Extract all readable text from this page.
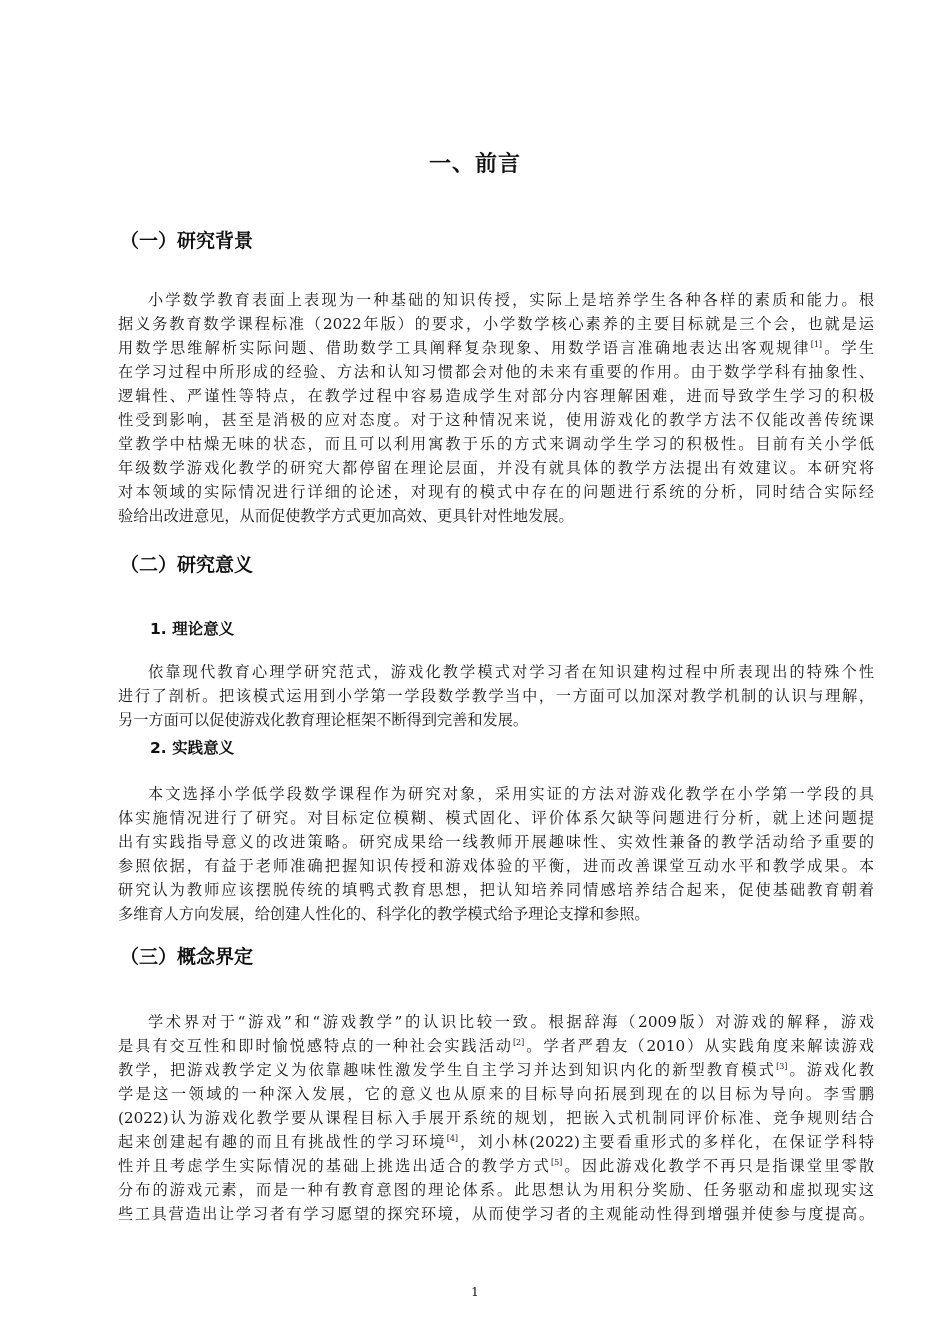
一、前言
（一）研究背景
小学数学教育表面上表现为一种基础的知识传授，实际上是培养学生各种各样的素质和能力。根
据义务教育数学课程标准（2022年版）的要求，小学数学核心素养的主要目标就是三个会，也就是运
用数学思维解析实际问题、借助数学工具阐释复杂现象、用数学语言准确地表达出客观规律[1]。学生
在学习过程中所形成的经验、方法和认知习惯都会对他的未来有重要的作用。由于数学学科有抽象性、
逻辑性、严谨性等特点，在教学过程中容易造成学生对部分内容理解困难，进而导致学生学习的积极
性受到影响，甚至是消极的应对态度。对于这种情况来说，使用游戏化的教学方法不仅能改善传统课
堂教学中枯燥无味的状态，而且可以利用寓教于乐的方式来调动学生学习的积极性。目前有关小学低
年级数学游戏化教学的研究大都停留在理论层面，并没有就具体的教学方法提出有效建议。本研究将
对本领域的实际情况进行详细的论述，对现有的模式中存在的问题进行系统的分析，同时结合实际经
验给出改进意见，从而促使教学方式更加高效、更具针对性地发展。
（二）研究意义
1. 理论意义
依靠现代教育心理学研究范式，游戏化教学模式对学习者在知识建构过程中所表现出的特殊个性
进行了剖析。把该模式运用到小学第一学段数学教学当中，一方面可以加深对教学机制的认识与理解，
另一方面可以促使游戏化教育理论框架不断得到完善和发展。
2. 实践意义
本文选择小学低学段数学课程作为研究对象，采用实证的方法对游戏化教学在小学第一学段的具
体实施情况进行了研究。对目标定位模糊、模式固化、评价体系欠缺等问题进行分析，就上述问题提
出有实践指导意义的改进策略。研究成果给一线教师开展趣味性、实效性兼备的教学活动给予重要的
参照依据，有益于老师准确把握知识传授和游戏体验的平衡，进而改善课堂互动水平和教学成果。本
研究认为教师应该摆脱传统的填鸭式教育思想，把认知培养同情感培养结合起来，促使基础教育朝着
多维育人方向发展，给创建人性化的、科学化的教学模式给予理论支撑和参照。
（三）概念界定
学术界对于“游戏”和“游戏教学”的认识比较一致。根据辞海（2009版）对游戏的解释，游戏
是具有交互性和即时愉悦感特点的一种社会实践活动[2]。学者严碧友（2010）从实践角度来解读游戏
教学，把游戏教学定义为依靠趣味性激发学生自主学习并达到知识内化的新型教育模式[3]。游戏化教
学是这一领域的一种深入发展，它的意义也从原来的目标导向拓展到现在的以目标为导向。李雪鹏
(2022)认为游戏化教学要从课程目标入手展开系统的规划，把嵌入式机制同评价标准、竞争规则结合
起来创建起有趣的而且有挑战性的学习环境[4]，刘小林(2022)主要看重形式的多样化，在保证学科特
性并且考虑学生实际情况的基础上挑选出适合的教学方式[5]。因此游戏化教学不再只是指课堂里零散
分布的游戏元素，而是一种有教育意图的理论体系。此思想认为用积分奖励、任务驱动和虚拟现实这
些工具营造出让学习者有学习愿望的探究环境，从而使学习者的主观能动性得到增强并使参与度提高。
1
